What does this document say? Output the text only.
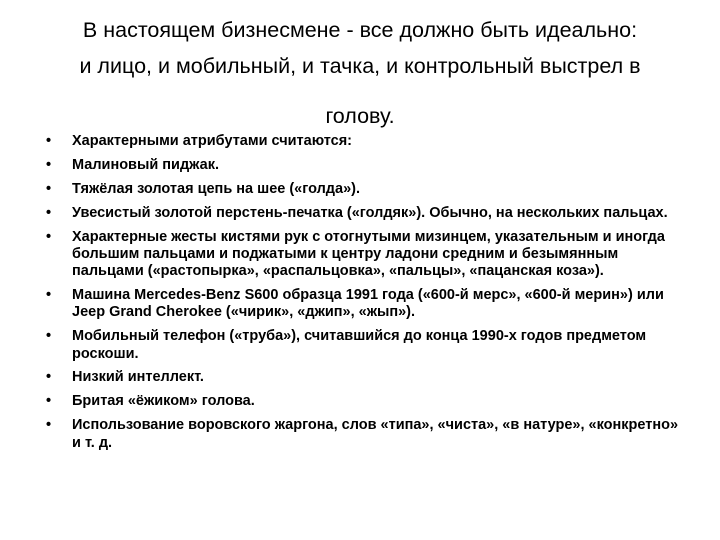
В настоящем бизнесмене - все должно быть идеально:
и лицо, и мобильный, и тачка, и контрольный выстрел в
голову.
• Характерными атрибутами считаются:
• Малиновый пиджак.
• Тяжёлая золотая цепь на шее («голда»).
• Увесистый золотой перстень-печатка («голдяк»). Обычно, на нескольких пальцах.
• Характерные жесты кистями рук с отогнутыми мизинцем, указательным и иногда большим пальцами и поджатыми к центру ладони средним и безымянным пальцами («растопырка», «распальцовка», «пальцы», «пацанская коза»).
• Машина Mercedes-Benz S600 образца 1991 года («600-й мерс», «600-й мерин») или Jeep Grand Cherokee («чирик», «джип», «жып»).
• Мобильный телефон («труба»), считавшийся до конца 1990-х годов предметом роскоши.
• Низкий интеллект.
• Бритая «ёжиком» голова.
• Использование воровского жаргона, слов «типа», «чиста», «в натуре», «конкретно» и т. д.
